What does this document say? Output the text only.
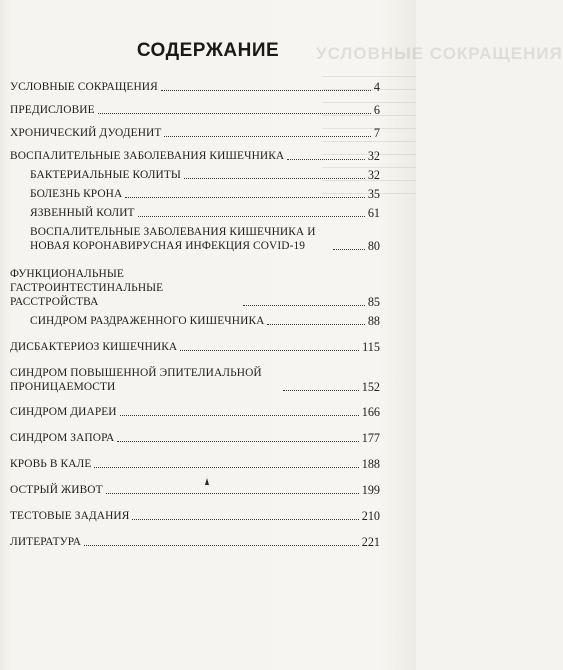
УСЛОВНЫЕ СОКРАЩЕНИЯ
СОДЕРЖАНИЕ
УСЛОВНЫЕ СОКРАЩЕНИЯ	4
ПРЕДИСЛОВИЕ	6
ХРОНИЧЕСКИЙ ДУОДЕНИТ	7
ВОСПАЛИТЕЛЬНЫЕ ЗАБОЛЕВАНИЯ КИШЕЧНИКА	32
БАКТЕРИАЛЬНЫЕ КОЛИТЫ	32
БОЛЕЗНЬ КРОНА	35
ЯЗВЕННЫЙ КОЛИТ	61
ВОСПАЛИТЕЛЬНЫЕ ЗАБОЛЕВАНИЯ КИШЕЧНИКА И НОВАЯ КОРОНАВИРУСНАЯ ИНФЕКЦИЯ COVID-19	80
ФУНКЦИОНАЛЬНЫЕ ГАСТРОИНТЕСТИНАЛЬНЫЕ РАССТРОЙСТВА	85
СИНДРОМ РАЗДРАЖЕННОГО КИШЕЧНИКА	88
ДИСБАКТЕРИОЗ КИШЕЧНИКА	115
СИНДРОМ ПОВЫШЕННОЙ ЭПИТЕЛИАЛЬНОЙ ПРОНИЦАЕМОСТИ	152
СИНДРОМ ДИАРЕИ	166
СИНДРОМ ЗАПОРА	177
КРОВЬ В КАЛЕ	188
ОСТРЫЙ ЖИВОТ	199
ТЕСТОВЫЕ ЗАДАНИЯ	210
ЛИТЕРАТУРА	221
